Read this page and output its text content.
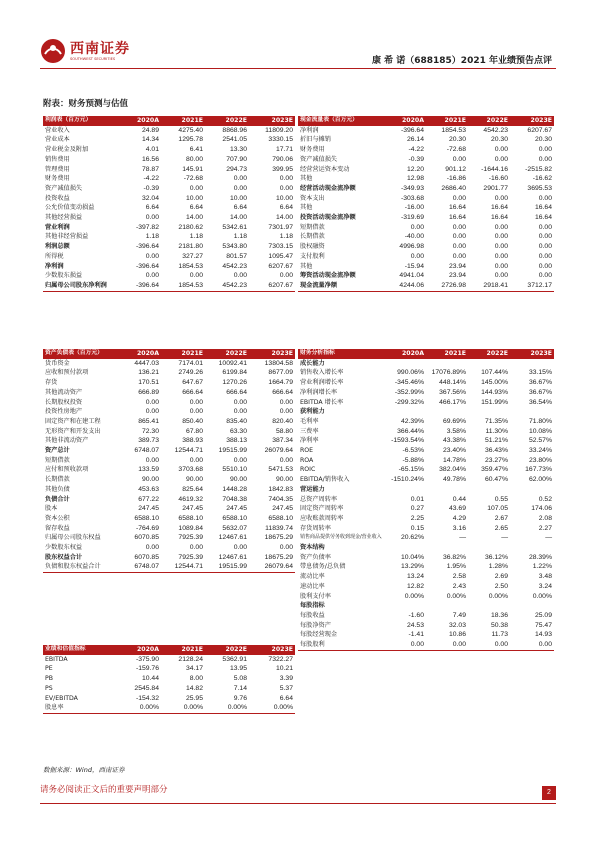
西南证券
SOUTHWEST SECURITIES	康 希 诺（688185）2021 年业绩预告点评
附表：财务预测与估值
利润表（百万元）	2020A	2021E	2022E	2023E
营业收入	24.89	4275.40	8868.96	11809.20
营业成本	14.34	1295.78	2541.05	3330.15
营业税金及附加	4.01	6.41	13.30	17.71
销售费用	16.56	80.00	707.90	790.06
管理费用	78.87	145.91	294.73	399.95
财务费用	-4.22	-72.68	0.00	0.00
资产减值损失	-0.39	0.00	0.00	0.00
投资收益	32.04	10.00	10.00	10.00
公允价值变动损益	6.64	6.64	6.64	6.64
其他经营损益	0.00	14.00	14.00	14.00
营业利润	-397.82	2180.62	5342.61	7301.97
其他非经营损益	1.18	1.18	1.18	1.18
利润总额	-396.64	2181.80	5343.80	7303.15
所得税	0.00	327.27	801.57	1095.47
净利润	-396.64	1854.53	4542.23	6207.67
少数股东损益	0.00	0.00	0.00	0.00
归属母公司股东净利润	-396.64	1854.53	4542.23	6207.67
现金流量表（百万元）	2020A	2021E	2022E	2023E
净利润	-396.64	1854.53	4542.23	6207.67
折旧与摊销	26.14	20.30	20.30	20.30
财务费用	-4.22	-72.68	0.00	0.00
资产减值损失	-0.39	0.00	0.00	0.00
经营营运资本变动	12.20	901.12	-1644.16	-2515.82
其他	12.98	-16.86	-16.60	-16.62
经营活动现金流净额	-349.93	2686.40	2901.77	3695.53
资本支出	-303.68	0.00	0.00	0.00
其他	-16.00	16.64	16.64	16.64
投资活动现金流净额	-319.69	16.64	16.64	16.64
短期借款	0.00	0.00	0.00	0.00
长期借款	-40.00	0.00	0.00	0.00
股权融资	4996.98	0.00	0.00	0.00
支付股利	0.00	0.00	0.00	0.00
其他	-15.94	23.94	0.00	0.00
筹资活动现金流净额	4941.04	23.94	0.00	0.00
现金流量净额	4244.06	2726.98	2918.41	3712.17
资产负债表（百万元）	2020A	2021E	2022E	2023E
货币资金	4447.03	7174.01	10092.41	13804.58
应收和预付款项	136.21	2749.26	6199.84	8677.09
存货	170.51	647.67	1270.26	1664.79
其他流动资产	666.89	666.64	666.64	666.64
长期股权投资	0.00	0.00	0.00	0.00
投资性房地产	0.00	0.00	0.00	0.00
固定资产和在建工程	865.41	850.40	835.40	820.40
无形资产和开发支出	72.30	67.80	63.30	58.80
其他非流动资产	389.73	388.93	388.13	387.34
资产总计	6748.07	12544.71	19515.99	26079.64
短期借款	0.00	0.00	0.00	0.00
应付和预收款项	133.59	3703.68	5510.10	5471.53
长期借款	90.00	90.00	90.00	90.00
其他负债	453.63	825.64	1448.28	1842.83
负债合计	677.22	4619.32	7048.38	7404.35
股本	247.45	247.45	247.45	247.45
资本公积	6588.10	6588.10	6588.10	6588.10
留存收益	-764.69	1089.84	5632.07	11839.74
归属母公司股东权益	6070.85	7925.39	12467.61	18675.29
少数股东权益	0.00	0.00	0.00	0.00
股东权益合计	6070.85	7925.39	12467.61	18675.29
负债和股东权益合计	6748.07	12544.71	19515.99	26079.64
财务分析指标	2020A	2021E	2022E	2023E
成长能力				
销售收入增长率	990.06%	17076.89%	107.44%	33.15%
营业利润增长率	-345.46%	448.14%	145.00%	36.67%
净利润增长率	-352.99%	367.56%	144.93%	36.67%
EBITDA 增长率	-299.32%	466.17%	151.99%	36.54%
获利能力				
毛利率	42.39%	69.69%	71.35%	71.80%
三费率	366.44%	3.58%	11.30%	10.08%
净利率	-1593.54%	43.38%	51.21%	52.57%
ROE	-6.53%	23.40%	36.43%	33.24%
ROA	-5.88%	14.78%	23.27%	23.80%
ROIC	-65.15%	382.04%	359.47%	167.73%
EBITDA/销售收入	-1510.24%	49.78%	60.47%	62.00%
营运能力				
总资产周转率	0.01	0.44	0.55	0.52
固定资产周转率	0.27	43.69	107.05	174.06
应收账款周转率	2.25	4.29	2.67	2.08
存货周转率	0.15	3.16	2.65	2.27
销售商品提供劳务收到现金/营业收入	20.62%	—	—	—
资本结构				
资产负债率	10.04%	36.82%	36.12%	28.39%
带息债务/总负债	13.29%	1.95%	1.28%	1.22%
流动比率	13.24	2.58	2.69	3.48
速动比率	12.82	2.43	2.50	3.24
股利支付率	0.00%	0.00%	0.00%	0.00%
每股指标				
每股收益	-1.60	7.49	18.36	25.09
每股净资产	24.53	32.03	50.38	75.47
每股经营现金	-1.41	10.86	11.73	14.93
每股股利	0.00	0.00	0.00	0.00
业绩和估值指标	2020A	2021E	2022E	2023E
EBITDA	-375.90	2128.24	5362.91	7322.27
PE	-159.76	34.17	13.95	10.21
PB	10.44	8.00	5.08	3.39
PS	2545.84	14.82	7.14	5.37
EV/EBITDA	-154.32	25.95	9.76	6.64
股息率	0.00%	0.00%	0.00%	0.00%
数据来源：Wind，西南证券
请务必阅读正文后的重要声明部分	2
